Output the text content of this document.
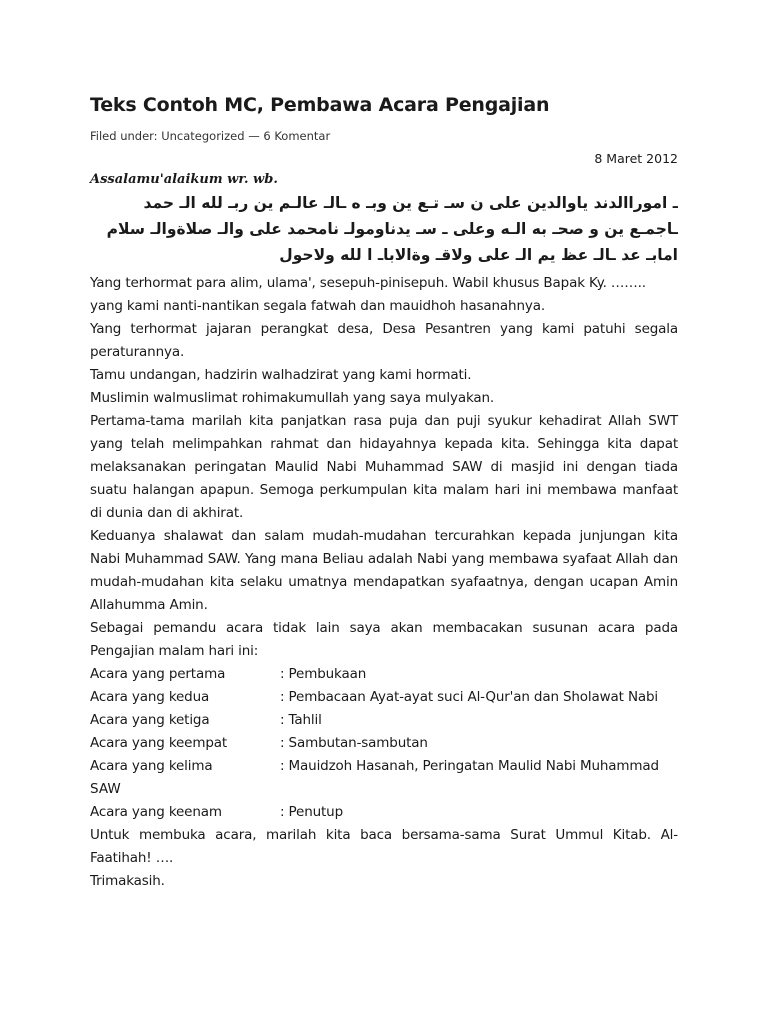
Teks Contoh MC, Pembawa Acara Pengajian
Filed under: Uncategorized — 6 Komentar
8 Maret 2012
Assalamu'alaikum wr. wb.
ـ اموراالدند ياوالدين على ن سـ تـع ين وبـ ه ـالـ عالـم ين ربـ لله الـ حمد
ـاجمـع ين و صحـ به الـه وعلى ـ سـ يدناومولـ نامحمد على والـ صلاةوالـ سلام
امابـ عد ـالـ عظ يم الـ على ولاقـ وةالاباـ ا لله ولاحول

Yang terhormat para alim, ulama', sesepuh-pinisepuh. Wabil khusus Bapak Ky. ……..

yang kami nanti-nantikan segala fatwah dan mauidhoh hasanahnya.

Yang terhormat jajaran perangkat desa, Desa Pesantren yang kami patuhi segala peraturannya.

Tamu undangan, hadzirin walhadzirat yang kami hormati.

Muslimin walmuslimat rohimakumullah yang saya mulyakan.

Pertama-tama marilah kita panjatkan rasa puja dan puji syukur kehadirat Allah SWT yang telah melimpahkan rahmat dan hidayahnya kepada kita. Sehingga kita dapat melaksanakan peringatan Maulid Nabi Muhammad SAW di masjid ini dengan tiada suatu halangan apapun. Semoga perkumpulan kita malam hari ini membawa manfaat di dunia dan di akhirat.

Keduanya shalawat dan salam mudah-mudahan tercurahkan kepada junjungan kita Nabi Muhammad SAW. Yang mana Beliau adalah Nabi yang membawa syafaat Allah dan mudah-mudahan kita selaku umatnya mendapatkan syafaatnya, dengan ucapan Amin Allahumma Amin.

Sebagai pemandu acara tidak lain saya akan membacakan susunan acara pada Pengajian malam hari ini:

Acara yang pertama	: Pembukaan
Acara yang kedua	: Pembacaan Ayat-ayat suci Al-Qur'an dan Sholawat Nabi
Acara yang ketiga	: Tahlil
Acara yang keempat	: Sambutan-sambutan
Acara yang kelima	: Mauidzoh Hasanah, Peringatan Maulid Nabi Muhammad
SAW
Acara yang keenam	: Penutup

Untuk membuka acara, marilah kita baca bersama-sama Surat Ummul Kitab. Al-Faatihah! ….

Trimakasih.
